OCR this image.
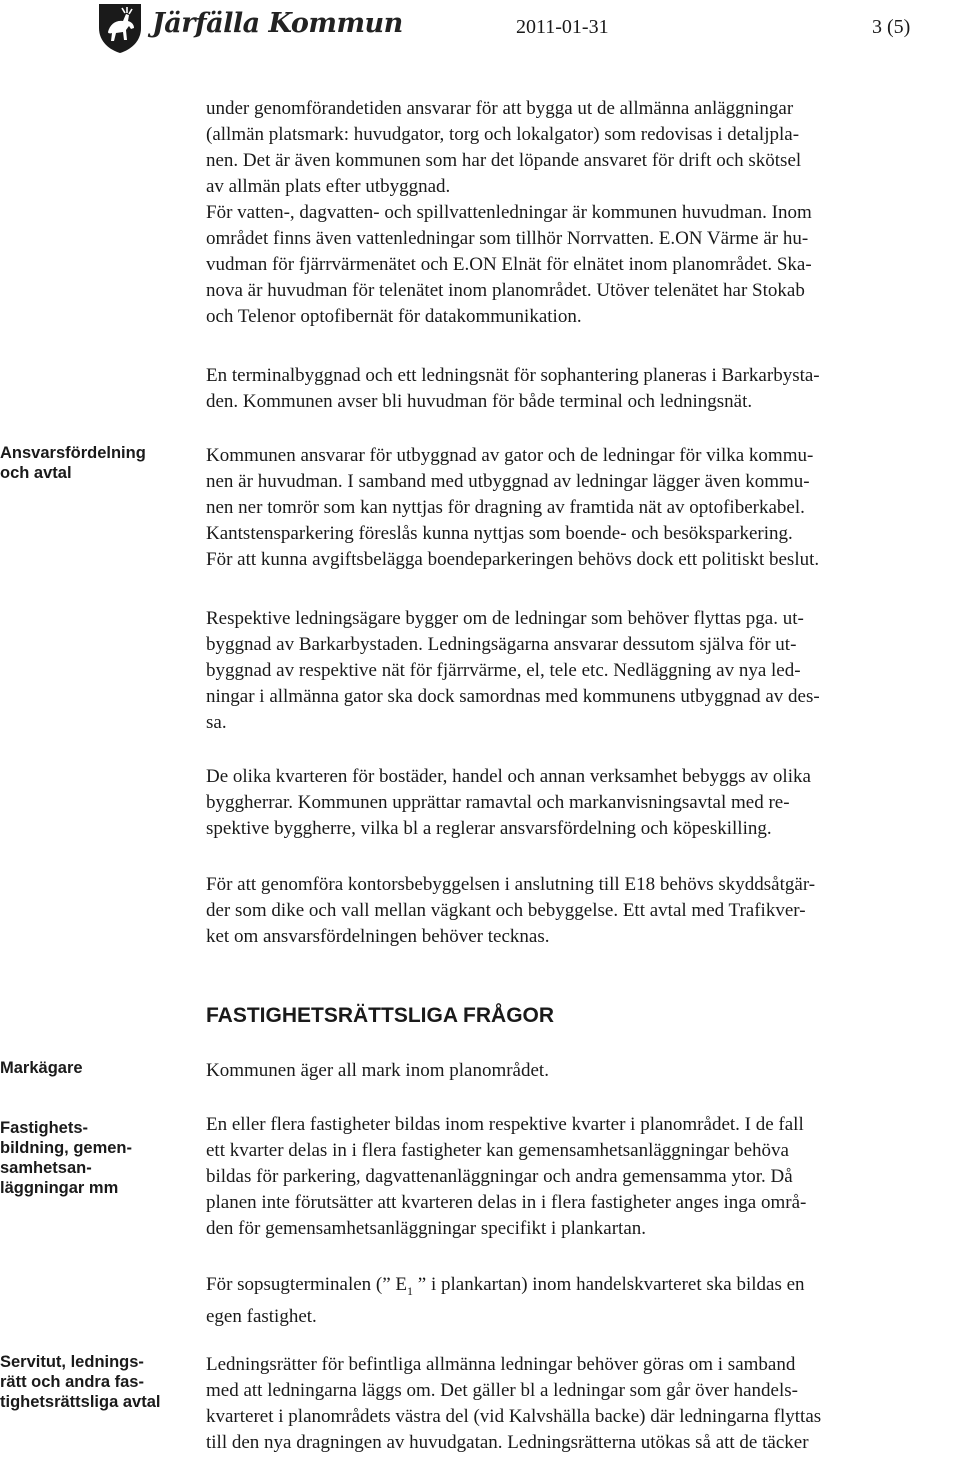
Järfälla Kommun	2011-01-31	3 (5)
under genomförandetiden ansvarar för att bygga ut de allmänna anläggningar
(allmän platsmark: huvudgator, torg och lokalgator) som redovisas i detaljpla-
nen. Det är även kommunen som har det löpande ansvaret för drift och skötsel
av allmän plats efter utbyggnad.
För vatten-, dagvatten- och spillvattenledningar är kommunen huvudman. Inom
området finns även vattenledningar som tillhör Norrvatten. E.ON Värme är hu-
vudman för fjärrvärmenätet och E.ON Elnät för elnätet inom planområdet. Ska-
nova är huvudman för telenätet inom planområdet. Utöver telenätet har Stokab
och Telenor optofibernät för datakommunikation.
En terminalbyggnad och ett ledningsnät för sophantering planeras i Barkarbysta-
den. Kommunen avser bli huvudman för både terminal och ledningsnät.
Ansvarsfördelning
och avtal
Kommunen ansvarar för utbyggnad av gator och de ledningar för vilka kommu-
nen är huvudman. I samband med utbyggnad av ledningar lägger även kommu-
nen ner tomrör som kan nyttjas för dragning av framtida nät av optofiberkabel.
Kantstensparkering föreslås kunna nyttjas som boende- och besöksparkering.
För att kunna avgiftsbelägga boendeparkeringen behövs dock ett politiskt beslut.
Respektive ledningsägare bygger om de ledningar som behöver flyttas pga. ut-
byggnad av Barkarbystaden. Ledningsägarna ansvarar dessutom själva för ut-
byggnad av respektive nät för fjärrvärme, el, tele etc. Nedläggning av nya led-
ningar i allmänna gator ska dock samordnas med kommunens utbyggnad av des-
sa.
De olika kvarteren för bostäder, handel och annan verksamhet bebyggs av olika
byggherrar. Kommunen upprättar ramavtal och markanvisningsavtal med re-
spektive byggherre, vilka bl a reglerar ansvarsfördelning och köpeskilling.
För att genomföra kontorsbebyggelsen i anslutning till E18 behövs skyddsåtgär-
der som dike och vall mellan vägkant och bebyggelse. Ett avtal med Trafikver-
ket om ansvarsfördelningen behöver tecknas.
FASTIGHETSRÄTTSLIGA FRÅGOR
Markägare	Kommunen äger all mark inom planområdet.
Fastighets-
bildning, gemen-
samhetsan-
läggningar mm
En eller flera fastigheter bildas inom respektive kvarter i planområdet. I de fall
ett kvarter delas in i flera fastigheter kan gemensamhetsanläggningar behöva
bildas för parkering, dagvattenanläggningar och andra gemensamma ytor. Då
planen inte förutsätter att kvarteren delas in i flera fastigheter anges inga områ-
den för gemensamhetsanläggningar specifikt i plankartan.
För sopsugterminalen (” $E_1$ ” i plankartan) inom handelskvarteret ska bildas en
egen fastighet.
Servitut, lednings-
rätt och andra fas-
tighetsrättsliga avtal
Ledningsrätter för befintliga allmänna ledningar behöver göras om i samband
med att ledningarna läggs om. Det gäller bl a ledningar som går över handels-
kvarteret i planområdets västra del (vid Kalvshälla backe) där ledningarna flyttas
till den nya dragningen av huvudgatan. Ledningsrätterna utökas så att de täcker
